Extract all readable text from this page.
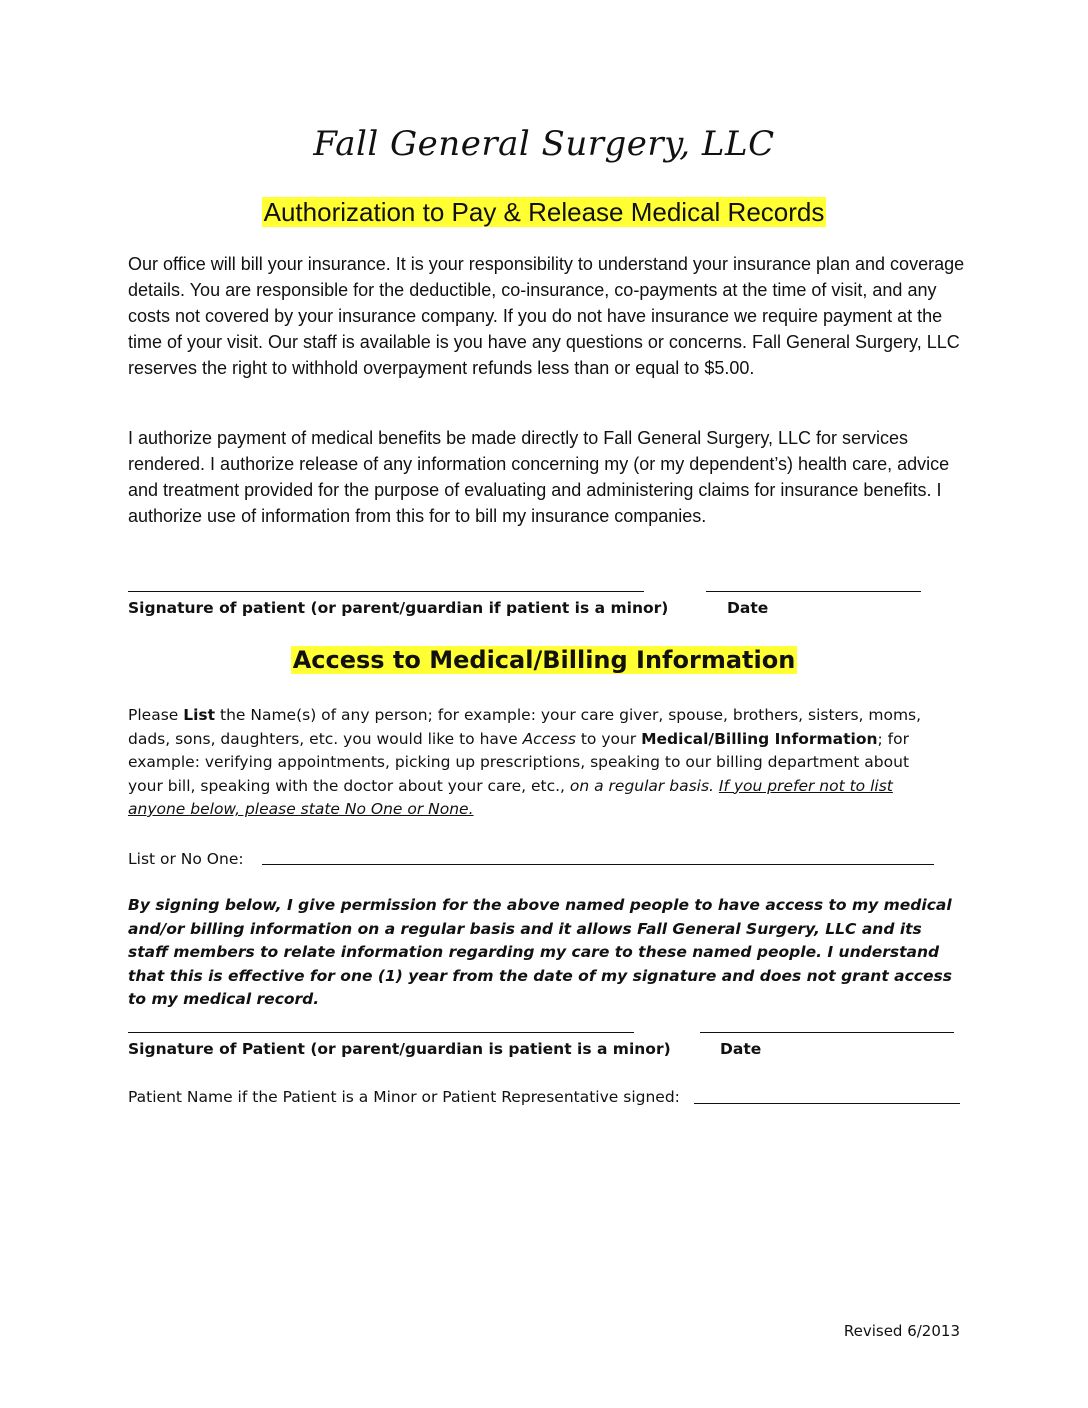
Fall General Surgery, LLC
Authorization to Pay & Release Medical Records

Our office will bill your insurance. It is your responsibility to understand your insurance plan and coverage details. You are responsible for the deductible, co-insurance, co-payments at the time of visit, and any costs not covered by your insurance company. If you do not have insurance we require payment at the time of your visit. Our staff is available is you have any questions or concerns. Fall General Surgery, LLC reserves the right to withhold overpayment refunds less than or equal to $5.00.

I authorize payment of medical benefits be made directly to Fall General Surgery, LLC for services rendered. I authorize release of any information concerning my (or my dependent’s) health care, advice and treatment provided for the purpose of evaluating and administering claims for insurance benefits. I authorize use of information from this for to bill my insurance companies.

Signature of patient (or parent/guardian if patient is a minor)	Date
Access to Medical/Billing Information

Please List the Name(s) of any person; for example: your care giver, spouse, brothers, sisters, moms, dads, sons, daughters, etc. you would like to have Access to your Medical/Billing Information; for example: verifying appointments, picking up prescriptions, speaking to our billing department about your bill, speaking with the doctor about your care, etc., on a regular basis. If you prefer not to list anyone below, please state No One or None.

List or No One:

By signing below, I give permission for the above named people to have access to my medical and/or billing information on a regular basis and it allows Fall General Surgery, LLC and its staff members to relate information regarding my care to these named people. I understand that this is effective for one (1) year from the date of my signature and does not grant access to my medical record.

Signature of Patient (or parent/guardian is patient is a minor)	Date
Patient Name if the Patient is a Minor or Patient Representative signed:
Revised 6/2013
